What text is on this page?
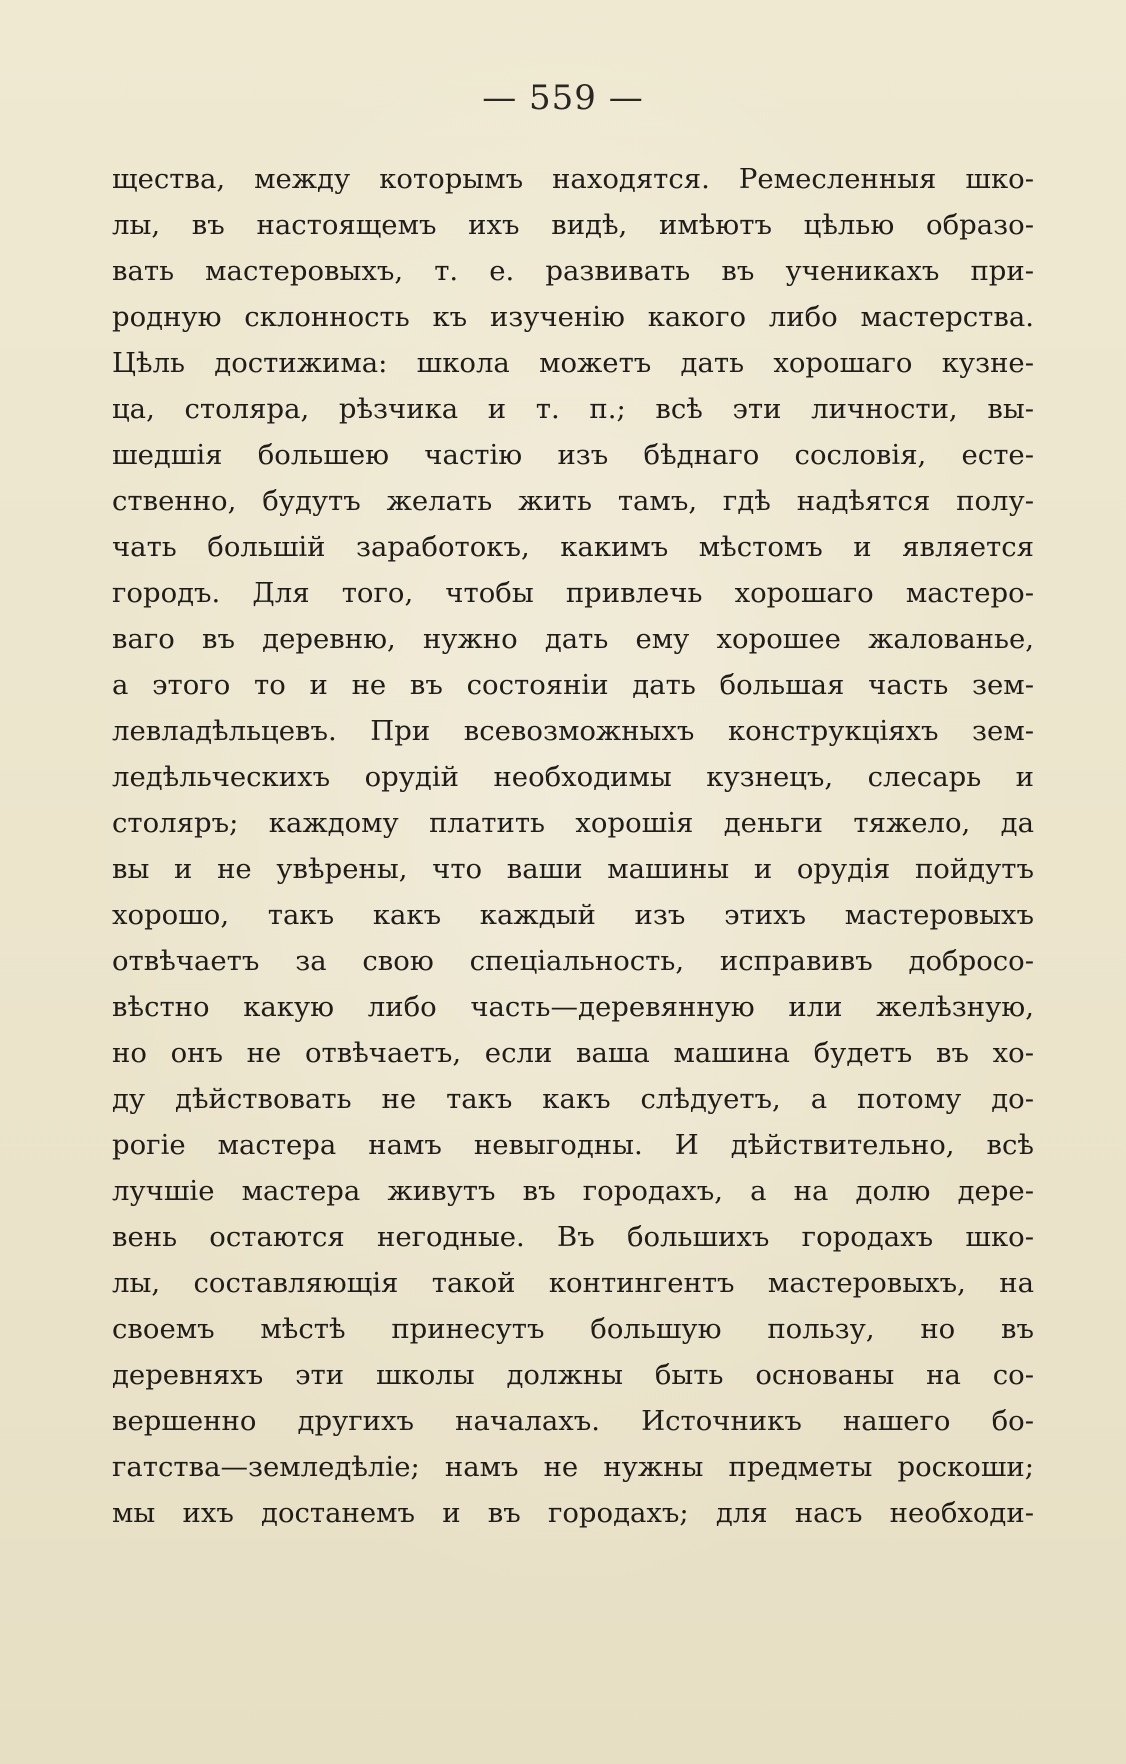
— 559 —
щества, между которымъ находятся. Ремесленныя шко-
лы, въ настоящемъ ихъ видѣ, имѣютъ цѣлью образо-
вать мастеровыхъ, т. е. развивать въ ученикахъ при-
родную склонность къ изученiю какого либо мастерства.
Цѣль достижима: школа можетъ дать хорошаго кузне-
ца, столяра, рѣзчика и т. п.; всѣ эти личности, вы-
шедшiя большею частiю изъ бѣднаго сословiя, есте-
ственно, будутъ желать жить тамъ, гдѣ надѣятся полу-
чать большiй заработокъ, какимъ мѣстомъ и является
городъ. Для того, чтобы привлечь хорошаго мастеро-
ваго въ деревню, нужно дать ему хорошее жалованье,
а этого то и не въ состоянiи дать большая часть зем-
левладѣльцевъ. При всевозможныхъ конструкцiяхъ зем-
ледѣльческихъ орудiй необходимы кузнецъ, слесарь и
столяръ; каждому платить хорошiя деньги тяжело, да
вы и не увѣрены, что ваши машины и орудiя пойдутъ
хорошо, такъ какъ каждый изъ этихъ мастеровыхъ
отвѣчаетъ за свою спецiальность, исправивъ добросо-
вѣстно какую либо часть—деревянную или желѣзную,
но онъ не отвѣчаетъ, если ваша машина будетъ въ хо-
ду дѣйствовать не такъ какъ слѣдуетъ, а потому до-
рогiе мастера намъ невыгодны. И дѣйствительно, всѣ
лучшiе мастера живутъ въ городахъ, а на долю дере-
вень остаются негодные. Въ большихъ городахъ шко-
лы, составляющiя такой контингентъ мастеровыхъ, на
своемъ мѣстѣ принесутъ большую пользу, но въ
деревняхъ эти школы должны быть основаны на со-
вершенно другихъ началахъ. Источникъ нашего бо-
гатства—земледѣлiе; намъ не нужны предметы роскоши;
мы ихъ достанемъ и въ городахъ; для насъ необходи-
